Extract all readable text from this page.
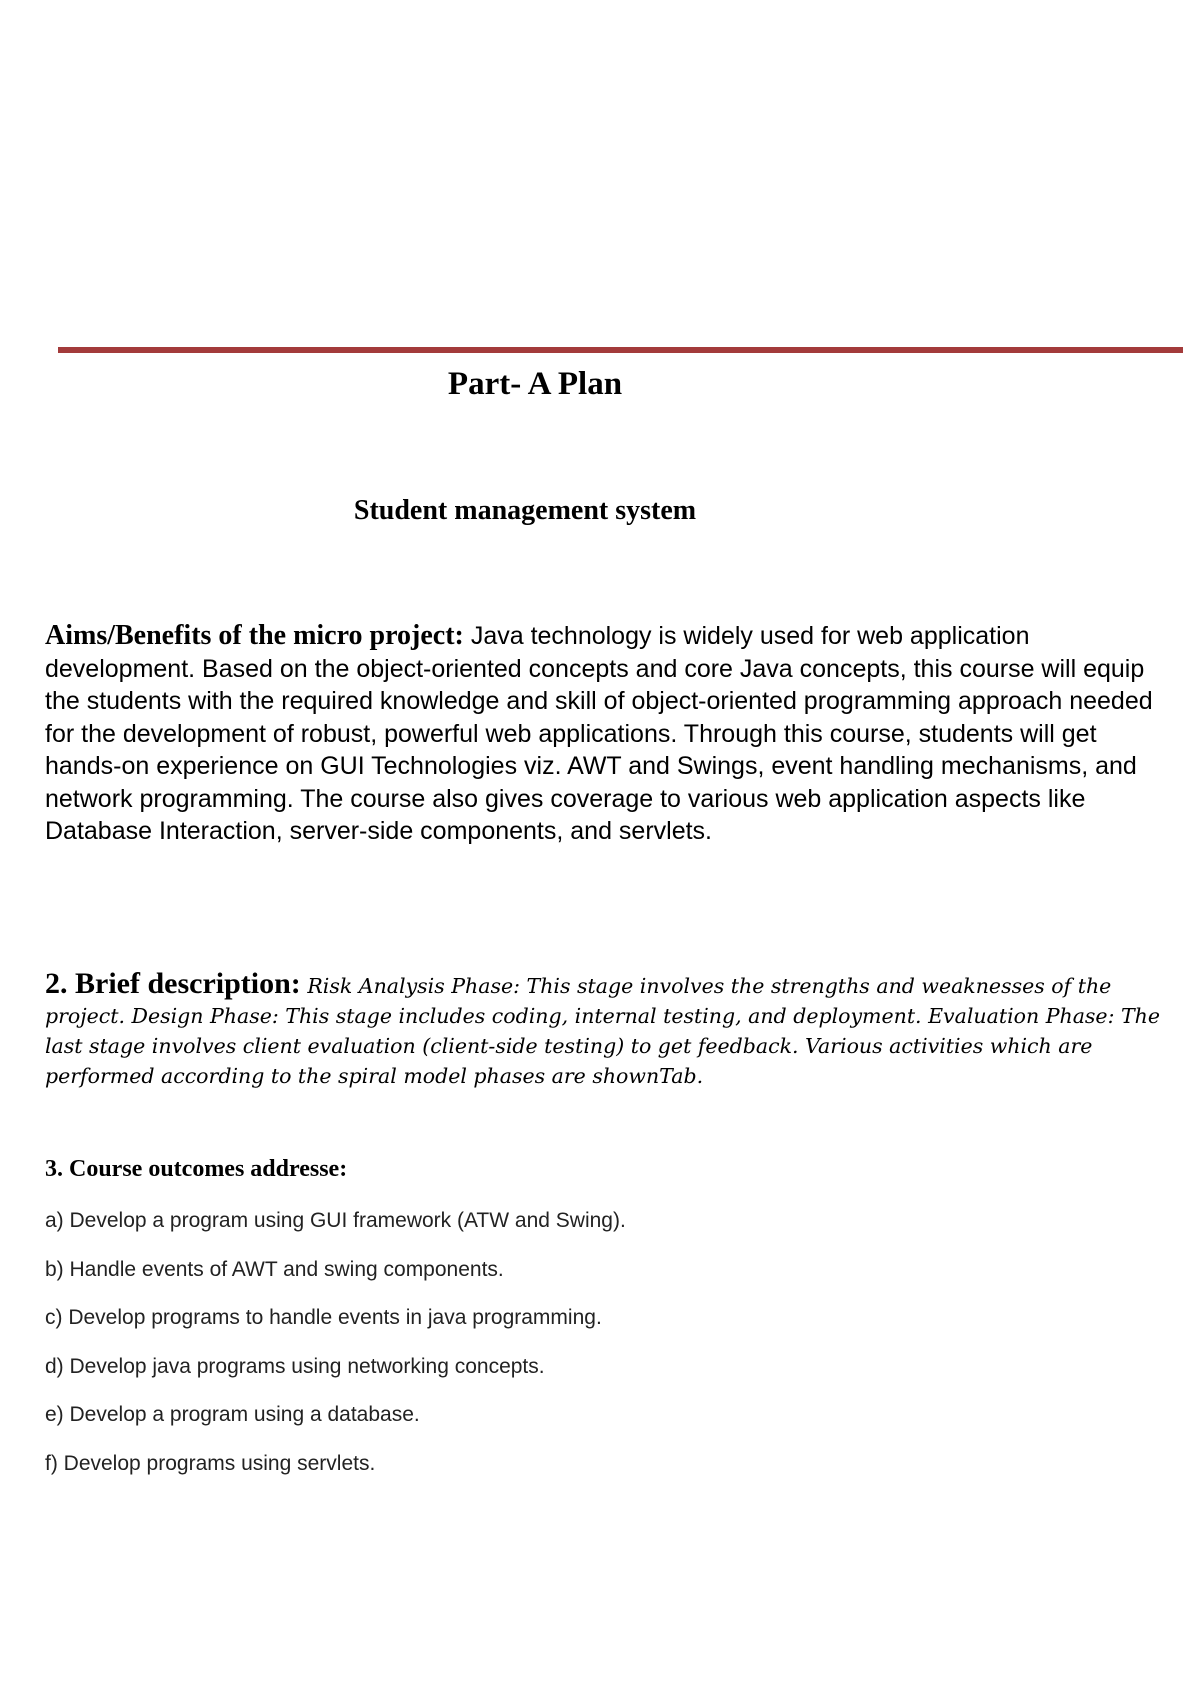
Part- A Plan
Student management system
Aims/Benefits of the micro project: Java technology is widely used for web application development. Based on the object-oriented concepts and core Java concepts, this course will equip the students with the required knowledge and skill of object-oriented programming approach needed for the development of robust, powerful web applications. Through this course, students will get hands-on experience on GUI Technologies viz. AWT and Swings, event handling mechanisms, and network programming. The course also gives coverage to various web application aspects like Database Interaction, server-side components, and servlets.
2. Brief description: Risk Analysis Phase: This stage involves the strengths and weaknesses of the project. Design Phase: This stage includes coding, internal testing, and deployment. Evaluation Phase: The last stage involves client evaluation (client-side testing) to get feedback. Various activities which are performed according to the spiral model phases are shownTab.
3. Course outcomes addresse:
a) Develop a program using GUI framework (ATW and Swing).
b) Handle events of AWT and swing components.
c) Develop programs to handle events in java programming.
d) Develop java programs using networking concepts.
e) Develop a program using a database.
f) Develop programs using servlets.
